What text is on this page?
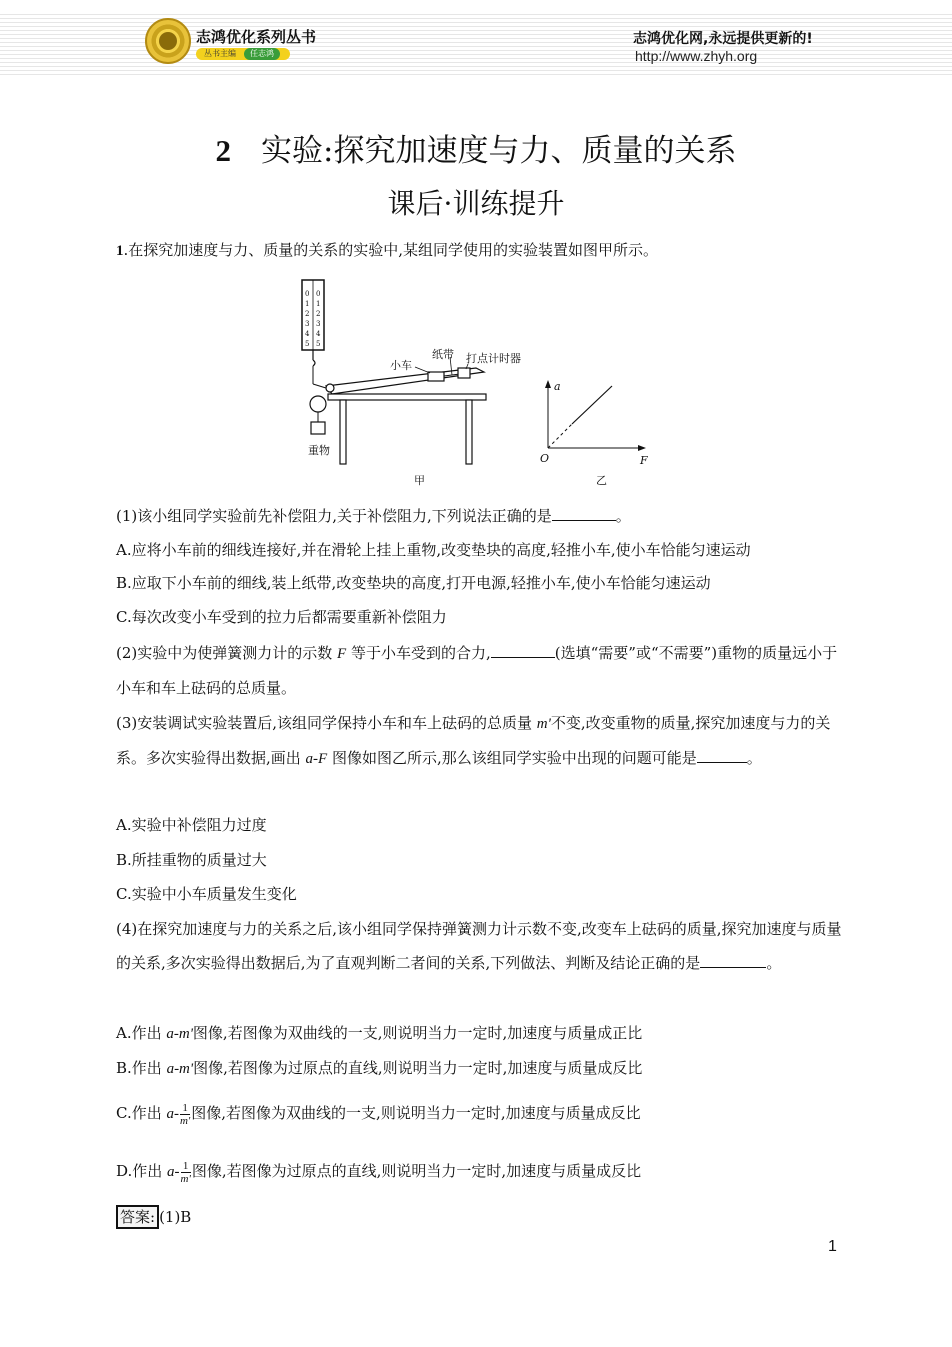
志鸿优化系列丛书
丛书主编	任志鸿
志鸿优化网,永远提供更新的!
http://www.zhyh.org
2 实验:探究加速度与力、质量的关系
课后·训练提升
1.在探究加速度与力、质量的关系的实验中,某组同学使用的实验装置如图甲所示。
0
1
2
3
4
5
0
1
2
3
4
5
重物
小车
纸带 打点计时器
甲
a
F
O
乙
(1)该小组同学实验前先补偿阻力,关于补偿阻力,下列说法正确的是	。
A.应将小车前的细线连接好,并在滑轮上挂上重物,改变垫块的高度,轻推小车,使小车恰能匀速运动
B.应取下小车前的细线,装上纸带,改变垫块的高度,打开电源,轻推小车,使小车恰能匀速运动
C.每次改变小车受到的拉力后都需要重新补偿阻力
(2)实验中为使弹簧测力计的示数 F 等于小车受到的合力,	(选填“需要”或“不需要”)重物的质量远小于小车和车上砝码的总质量。
(3)安装调试实验装置后,该组同学保持小车和车上砝码的总质量 m'不变,改变重物的质量,探究加速度与力的关系。多次实验得出数据,画出 a-F 图像如图乙所示,那么该组同学实验中出现的问题可能是	。
A.实验中补偿阻力过度
B.所挂重物的质量过大
C.实验中小车质量发生变化
(4)在探究加速度与力的关系之后,该小组同学保持弹簧测力计示数不变,改变车上砝码的质量,探究加速度与质量的关系,多次实验得出数据后,为了直观判断二者间的关系,下列做法、判断及结论正确的是	。
A.作出 a-m'图像,若图像为双曲线的一支,则说明当力一定时,加速度与质量成正比
B.作出 a-m'图像,若图像为过原点的直线,则说明当力一定时,加速度与质量成反比
C.作出 $a- \frac{1}{m'}$ 图像,若图像为双曲线的一支,则说明当力一定时,加速度与质量成反比
D.作出 $a- \frac{1}{m'}$ 图像,若图像为过原点的直线,则说明当力一定时,加速度与质量成反比
答案: (1)B
1
